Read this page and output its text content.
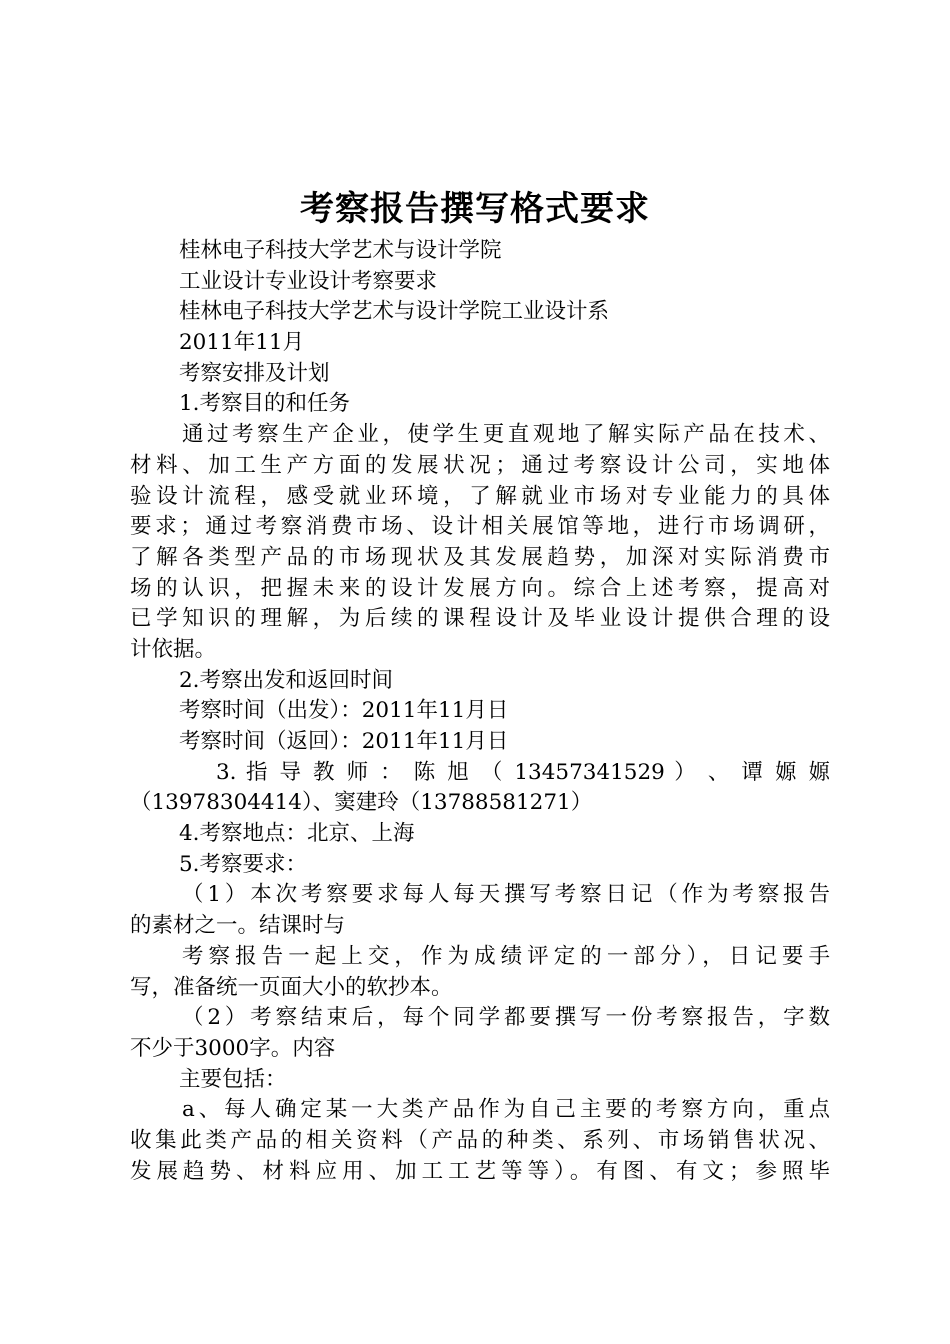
考察报告撰写格式要求
桂林电子科技大学艺术与设计学院
工业设计专业设计考察要求
桂林电子科技大学艺术与设计学院工业设计系
2011年11月
考察安排及计划
1.考察目的和任务
通过考察生产企业，使学生更直观地了解实际产品在技术、
材料、加工生产方面的发展状况；通过考察设计公司，实地体
验设计流程，感受就业环境，了解就业市场对专业能力的具体
要求；通过考察消费市场、设计相关展馆等地，进行市场调研，
了解各类型产品的市场现状及其发展趋势，加深对实际消费市
场的认识，把握未来的设计发展方向。综合上述考察，提高对
已学知识的理解，为后续的课程设计及毕业设计提供合理的设
计依据。
2.考察出发和返回时间
考察时间（出发）：2011年11月日
考察时间（返回）：2011年11月日
3. 指 导 教 师 ： 陈 旭 （ 13457341529 ） 、 谭 嫄 嫄
（13978304414）、窦建玲（13788581271）
4.考察地点：北京、上海
5.考察要求：
（1）本次考察要求每人每天撰写考察日记（作为考察报告
的素材之一。结课时与
考察报告一起上交，作为成绩评定的一部分），日记要手
写，准备统一页面大小的软抄本。
（2）考察结束后，每个同学都要撰写一份考察报告，字数
不少于3000字。内容
主要包括：
a、每人确定某一大类产品作为自己主要的考察方向，重点
收集此类产品的相关资料（产品的种类、系列、市场销售状况、
发展趋势、材料应用、加工工艺等等）。有图、有文；参照毕
